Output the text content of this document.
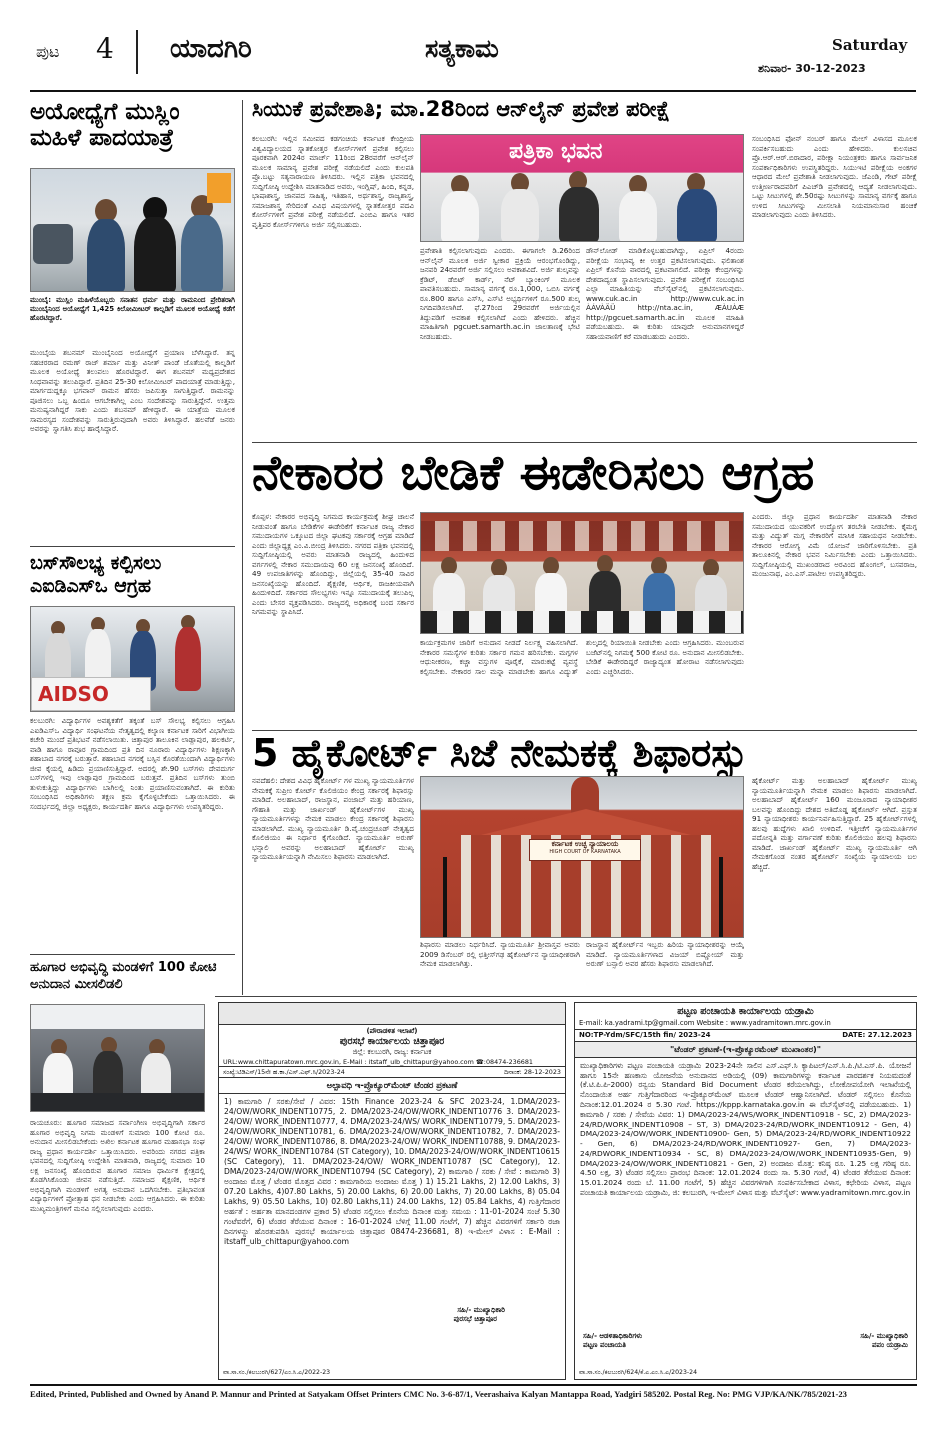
ಪುಟ 4 ಯಾದಗಿರಿ	ಸತ್ಯಕಾಮ	Saturday
ಶನಿವಾರ- 30-12-2023
ಅಯೋಧ್ಯೆಗೆ ಮುಸ್ಲಿಂ ಮಹಿಳೆ ಪಾದಯಾತ್ರೆ
ಮುಂಬೈ: ಮುಸ್ಲಿಂ ಮಹಿಳೆಯೊಬ್ಬರು ಸನಾತನ ಧರ್ಮ ಮತ್ತು ರಾಮನಿಂದ ಪ್ರೇರಿತರಾಗಿ ಮುಂಬೈನಿಂದ ಅಯೋಧ್ಯೆಗೆ 1,425 ಕಿಲೋಮೀಟರ್ ಕಾಲ್ನಡಿಗೆ ಮೂಲಕ ಅಯೋಧ್ಯೆ ಕಡೆಗೆ ಹೊರಟಿದ್ದಾರೆ.
ಮುಂಬೈಯ ಶಬನಮ್ ಮುಂಬೈನಿಂದ ಅಯೋಧ್ಯೆಗೆ ಪ್ರಯಾಣ ಬೆಳೆಸಿದ್ದಾರೆ. ತನ್ನ ಸಹಚರರಾದ ರಮಣ್ ರಾಜ್ ಶರ್ಮಾ ಮತ್ತು ವಿನೀತ್ ಪಾಂಡೆ ಜೊತೆಯಲ್ಲಿ ಕಾಲ್ನಡಿಗೆ ಮೂಲಕ ಅಯೋಧ್ಯೆ ತಲುಪಲು ಹೊರಟಿದ್ದಾರೆ. ಈಗ ಶಬನಮ್ ಮಧ್ಯಪ್ರದೇಶದ ಸಿಂಧವಾವನ್ನು ತಲುಪಿದ್ದಾರೆ. ಪ್ರತಿದಿನ 25-30 ಕಿಲೋಮೀಟರ್ ಪಾದಯಾತ್ರೆ ಮಾಡುತ್ತಿದ್ದು, ಮಾರ್ಗದುದ್ದಕ್ಕೂ ಭಗವಾನ್ ರಾಮನ ಹೆಸರು ಜಪಿಸುತ್ತಾ ಸಾಗುತ್ತಿದ್ದಾರೆ. ರಾಮನನ್ನು ಪೂಜಿಸಲು ಒಬ್ಬ ಹಿಂದೂ ಆಗಬೇಕಾಗಿಲ್ಲ ಎಂಬ ಸಂದೇಶವನ್ನು ಸಾರುತ್ತಿದ್ದೇನೆ. ಉತ್ತಮ ಮನುಷ್ಯನಾಗಿದ್ದರೆ ಸಾಕು ಎಂದು ಶಬನಮ್ ಹೇಳಿದ್ದಾರೆ. ಈ ಯಾತ್ರೆಯ ಮೂಲಕ ಸಾಮರಸ್ಯದ ಸಂದೇಶವನ್ನು ಸಾರುತ್ತಿರುವುದಾಗಿ ಅವರು ತಿಳಿಸಿದ್ದಾರೆ. ಹಲವೆಡೆ ಜನರು ಅವರನ್ನು ಸ್ವಾಗತಿಸಿ ಶುಭ ಹಾರೈಸಿದ್ದಾರೆ.
ಬಸ್‌ಸೌಲಭ್ಯ ಕಲ್ಪಿಸಲು ಎಐಡಿಎಸ್‌ಒ ಆಗ್ರಹ
AIDSO
ಕಲಬುರಗಿ: ವಿದ್ಯಾರ್ಥಿಗಳ ಅವಶ್ಯಕತೆಗೆ ತಕ್ಕಂತೆ ಬಸ್ ಸೌಲಭ್ಯ ಕಲ್ಪಿಸಲು ಆಗ್ರಹಿಸಿ ಎಐಡಿಎಸ್‌ಒ ವಿದ್ಯಾರ್ಥಿ ಸಂಘಟನೆಯ ನೇತೃತ್ವದಲ್ಲಿ ಕಲ್ಯಾಣ ಕರ್ನಾಟಕ ಸಾರಿಗೆ ವಿಭಾಗೀಯ ಕಚೇರಿ ಮುಂದೆ ಪ್ರತಿಭಟನೆ ನಡೆಸಲಾಯಿತು. ಚಿತ್ತಾಪುರ ತಾಲೂಕಿನ ಲಾಡ್ಲಾಪುರ, ಹಲಕರ್ಟಿ, ವಾಡಿ ಹಾಗೂ ರಾವೂರ ಗ್ರಾಮದಿಂದ ಪ್ರತಿ ದಿನ ನೂರಾರು ವಿದ್ಯಾರ್ಥಿಗಳು ಶಿಕ್ಷಣಕ್ಕಾಗಿ ಶಹಾಬಾದ ನಗರಕ್ಕೆ ಬರುತ್ತಾರೆ. ಶಹಾಬಾದ ನಗರಕ್ಕೆ ಬಸ್ಸಿನ ಕೊರತೆಯಿಂದಾಗಿ ವಿದ್ಯಾರ್ಥಿಗಳು ಜೀವ ಕೈಯಲ್ಲಿ ಹಿಡಿದು ಪ್ರಯಾಣಿಸುತ್ತಿದ್ದಾರೆ. ಅದರಲ್ಲಿ ಶೇ.90 ಬಸ್‌ಗಳು ದೇವದುರ್ಗ ಬಸ್‌ಗಳಲ್ಲಿ ಇವು ಲಾಡ್ಲಾಪುರ ಗ್ರಾಮದಿಂದ ಬರುತ್ತವೆ. ಪ್ರತಿದಿನ ಬಸ್‌ಗಳು ತುಂಬಿ ತುಳುಕುತ್ತಿದ್ದು ವಿದ್ಯಾರ್ಥಿಗಳು ಬಾಗಿಲಲ್ಲಿ ನಿಂತು ಪ್ರಯಾಣಿಸುವಂತಾಗಿದೆ. ಈ ಕುರಿತು ಸಂಬಂಧಿಸಿದ ಅಧಿಕಾರಿಗಳು ತಕ್ಷಣ ಕ್ರಮ ಕೈಗೊಳ್ಳಬೇಕೆಂದು ಒತ್ತಾಯಿಸಿದರು. ಈ ಸಂದರ್ಭದಲ್ಲಿ ಜಿಲ್ಲಾ ಅಧ್ಯಕ್ಷರು, ಕಾರ್ಯದರ್ಶಿ ಹಾಗೂ ವಿದ್ಯಾರ್ಥಿಗಳು ಉಪಸ್ಥಿತರಿದ್ದರು.
ಹೂಗಾರ ಅಭಿವೃದ್ಧಿ ಮಂಡಳಿಗೆ 100 ಕೋಟಿ ಅನುದಾನ ಮೀಸಲಿಡಲಿ
ರಾಯಚೂರು: ಹೂಗಾರ ಸಮಾಜದ ಸರ್ವಾಂಗೀಣ ಅಭಿವೃದ್ಧಿಗಾಗಿ ಸರ್ಕಾರ ಹೂಗಾರ ಅಭಿವೃದ್ಧಿ ನಿಗಮ ಮಂಡಳಿಗೆ ಸುಮಾರು 100 ಕೋಟಿ ರೂ. ಅನುದಾನ ಮೀಸಲಿಡಬೇಕೆಂದು ಅಖಿಲ ಕರ್ನಾಟಕ ಹೂಗಾರ ಮಹಾಸಭಾ ಸಂಘ ರಾಜ್ಯ ಪ್ರಧಾನ ಕಾರ್ಯದರ್ಶಿ ಒತ್ತಾಯಿಸಿದರು. ಅವರಿಂದು ನಗರದ ಪತ್ರಿಕಾ ಭವನದಲ್ಲಿ ಸುದ್ದಿಗೋಷ್ಠಿ ಉದ್ದೇಶಿಸಿ ಮಾತನಾಡಿ, ರಾಜ್ಯದಲ್ಲಿ ಸುಮಾರು 10 ಲಕ್ಷ ಜನಸಂಖ್ಯೆ ಹೊಂದಿರುವ ಹೂಗಾರ ಸಮಾಜ ಧಾರ್ಮಿಕ ಕ್ಷೇತ್ರದಲ್ಲಿ ತೊಡಗಿಸಿಕೊಂಡು ಜೀವನ ನಡೆಸುತ್ತಿದೆ. ಸಮಾಜದ ಶೈಕ್ಷಣಿಕ, ಆರ್ಥಿಕ ಅಭಿವೃದ್ಧಿಗಾಗಿ ಮಂಡಳಿಗೆ ಅಗತ್ಯ ಅನುದಾನ ಒದಗಿಸಬೇಕು. ಪ್ರತಿಭಾವಂತ ವಿದ್ಯಾರ್ಥಿಗಳಿಗೆ ಪ್ರೋತ್ಸಾಹ ಧನ ನೀಡಬೇಕು ಎಂದು ಆಗ್ರಹಿಸಿದರು. ಈ ಕುರಿತು ಮುಖ್ಯಮಂತ್ರಿಗಳಿಗೆ ಮನವಿ ಸಲ್ಲಿಸಲಾಗುವುದು ಎಂದರು.
ಸಿಯುಕೆ ಪ್ರವೇಶಾತಿ; ಮಾ.28ರಿಂದ ಆನ್‌ಲೈನ್ ಪ್ರವೇಶ ಪರೀಕ್ಷೆ
ಕಲಬುರಗಿ: ಇಲ್ಲಿನ ಸಮೀಪದ ಕಡಗಂಚಿಯ ಕರ್ನಾಟಕ ಕೇಂದ್ರೀಯ ವಿಶ್ವವಿದ್ಯಾಲಯದ ಸ್ನಾತಕೋತ್ತರ ಕೋರ್ಸ್‌ಗಳಿಗೆ ಪ್ರವೇಶ ಕಲ್ಪಿಸಲು ಪೂರಕವಾಗಿ 2024ರ ಮಾರ್ಚ್ 11ರಿಂದ 28ರವರೆಗೆ ಆನ್‌ಲೈನ್ ಮೂಲಕ ಸಾಮಾನ್ಯ ಪ್ರವೇಶ ಪರೀಕ್ಷೆ ನಡೆಯಲಿದೆ ಎಂದು ಕುಲಪತಿ ಪ್ರೊ.ಬಟ್ಟು ಸತ್ಯನಾರಾಯಣ ತಿಳಿಸಿದರು. ಇಲ್ಲಿನ ಪತ್ರಿಕಾ ಭವನದಲ್ಲಿ ಸುದ್ದಿಗೋಷ್ಠಿ ಉದ್ದೇಶಿಸಿ ಮಾತನಾಡಿದ ಅವರು, ಇಂಗ್ಲಿಷ್, ಹಿಂದಿ, ಕನ್ನಡ, ಭಾಷಾಶಾಸ್ತ್ರ, ಜಾನಪದ ಸಾಹಿತ್ಯ, ಇತಿಹಾಸ, ಅರ್ಥಶಾಸ್ತ್ರ, ರಾಜ್ಯಶಾಸ್ತ್ರ, ಸಮಾಜಶಾಸ್ತ್ರ ಸೇರಿದಂತೆ ವಿವಿಧ ವಿಷಯಗಳಲ್ಲಿ ಸ್ನಾತಕೋತ್ತರ ಪದವಿ ಕೋರ್ಸ್‌ಗಳಿಗೆ ಪ್ರವೇಶ ಪರೀಕ್ಷೆ ನಡೆಯಲಿದೆ. ಎಂಬಿಎ ಹಾಗೂ ಇತರ ವೃತ್ತಿಪರ ಕೋರ್ಸ್‌ಗಳಿಗೂ ಅರ್ಜಿ ಸಲ್ಲಿಸಬಹುದು.
ಪತ್ರಿಕಾ ಭವನ
ಪ್ರವೇಶಾತಿ ಕಲ್ಪಿಸಲಾಗುವುದು ಎಂದರು. ಈಗಾಗಲೇ ಡಿ.26ರಿಂದ ಆನ್‌ಲೈನ್ ಮೂಲಕ ಅರ್ಜಿ ಸ್ವೀಕಾರ ಪ್ರಕ್ರಿಯೆ ಆರಂಭಗೊಂಡಿದ್ದು, ಜನವರಿ 24ರವರೆಗೆ ಅರ್ಜಿ ಸಲ್ಲಿಸಲು ಅವಕಾಶವಿದೆ. ಅರ್ಜಿ ಶುಲ್ಕವನ್ನು ಕ್ರೆಡಿಟ್, ಡೆಬಿಟ್ ಕಾರ್ಡ್, ನೆಟ್ ಬ್ಯಾಂಕಿಂಗ್ ಮೂಲಕ ಪಾವತಿಸಬಹುದು. ಸಾಮಾನ್ಯ ವರ್ಗಕ್ಕೆ ರೂ.1,000, ಒಬಿಸಿ ವರ್ಗಕ್ಕೆ ರೂ.800 ಹಾಗೂ ಎಸ್‌ಸಿ, ಎಸ್‌ಟಿ ಅಭ್ಯರ್ಥಿಗಳಿಗೆ ರೂ.500 ಶುಲ್ಕ ನಿಗದಿಪಡಿಸಲಾಗಿದೆ. ಫೆ.27ರಿಂದ 29ರವರೆಗೆ ಅರ್ಜಿಯಲ್ಲಿನ ತಿದ್ದುಪಡಿಗೆ ಅವಕಾಶ ಕಲ್ಪಿಸಲಾಗಿದೆ ಎಂದು ಹೇಳಿದರು. ಹೆಚ್ಚಿನ ಮಾಹಿತಿಗಾಗಿ pgcuet.samarth.ac.in ಜಾಲತಾಣಕ್ಕೆ ಭೇಟಿ ನೀಡಬಹುದು.
ಡೌನ್‌ಲೋಡ್ ಮಾಡಿಕೊಳ್ಳಬಹುದಾಗಿದ್ದು, ಏಪ್ರಿಲ್ 4ರಂದು ಪರೀಕ್ಷೆಯ ಸಂಭಾವ್ಯ ಕೀ ಉತ್ತರ ಪ್ರಕಟಿಸಲಾಗುವುದು. ಫಲಿತಾಂಶ ಏಪ್ರಿಲ್ ಕೊನೆಯ ವಾರದಲ್ಲಿ ಪ್ರಕಟವಾಗಲಿದೆ. ಪರೀಕ್ಷಾ ಕೇಂದ್ರಗಳನ್ನು ದೇಶದಾದ್ಯಂತ ಸ್ಥಾಪಿಸಲಾಗುವುದು. ಪ್ರವೇಶ ಪರೀಕ್ಷೆಗೆ ಸಂಬಂಧಿಸಿದ ಎಲ್ಲಾ ಮಾಹಿತಿಯನ್ನು ವೆಬ್‌ಸೈಟ್‌ನಲ್ಲಿ ಪ್ರಕಟಿಸಲಾಗುವುದು. www.cuk.ac.in http://www.cuk.ac.in ÀÁVÀÄÜ http://nta.ac.in, ÆÀUÀÆ http://pgcuet.samarth.ac.in ಮೂಲಕ ಮಾಹಿತಿ ಪಡೆಯಬಹುದು. ಈ ಕುರಿತು ಯಾವುದೇ ಅನುಮಾನಗಳಿದ್ದರೆ ಸಹಾಯವಾಣಿಗೆ ಕರೆ ಮಾಡಬಹುದು ಎಂದರು.
ಸಂಬಂಧಿಸಿದ ಫೋನ್ ನಂಬರ್ ಹಾಗೂ ಮೇಲ್ ವಿಳಾಸದ ಮೂಲಕ ಸಂಪರ್ಕಿಸಬಹುದು ಎಂದು ಹೇಳಿದರು. ಕುಲಸಚಿವ ಪ್ರೊ.ಆರ್.ಆರ್.ಬಿರಾದಾರ, ಪರೀಕ್ಷಾ ನಿಯಂತ್ರಕರು ಹಾಗೂ ಸಾರ್ವಜನಿಕ ಸಂಪರ್ಕಾಧಿಕಾರಿಗಳು ಉಪಸ್ಥಿತರಿದ್ದರು. ಸಿಯುಇಟಿ ಪರೀಕ್ಷೆಯ ಅಂಕಗಳ ಆಧಾರದ ಮೇಲೆ ಪ್ರವೇಶಾತಿ ನೀಡಲಾಗುವುದು. ಜೆಎಂಡಿ, ಗೇಟ್ ಪರೀಕ್ಷೆ ಉತ್ತೀರ್ಣರಾದವರಿಗೆ ಪಿಎಚ್‌ಡಿ ಪ್ರವೇಶದಲ್ಲಿ ಆದ್ಯತೆ ನೀಡಲಾಗುವುದು. ಒಟ್ಟು ಸೀಟುಗಳಲ್ಲಿ ಶೇ.50ರಷ್ಟು ಸೀಟುಗಳನ್ನು ಸಾಮಾನ್ಯ ವರ್ಗಕ್ಕೆ ಹಾಗೂ ಉಳಿದ ಸೀಟುಗಳನ್ನು ಮೀಸಲಾತಿ ನಿಯಮಾನುಸಾರ ಹಂಚಿಕೆ ಮಾಡಲಾಗುವುದು ಎಂದು ತಿಳಿಸಿದರು.
ನೇಕಾರರ ಬೇಡಿಕೆ ಈಡೇರಿಸಲು ಆಗ್ರಹ
ಕೊಪ್ಪಳ: ನೇಕಾರರ ಅಭಿವೃದ್ಧಿ ನಿಗಮದ ಕಾರ್ಯಕ್ರಮಕ್ಕೆ ಶೀಘ್ರ ಚಾಲನೆ ನೀಡುವಂತೆ ಹಾಗೂ ಬೇಡಿಕೆಗಳ ಈಡೇರಿಕೆಗೆ ಕರ್ನಾಟಕ ರಾಜ್ಯ ನೇಕಾರ ಸಮುದಾಯಗಳ ಒಕ್ಕೂಟದ ಜಿಲ್ಲಾ ಘಟಕವು ಸರ್ಕಾರಕ್ಕೆ ಆಗ್ರಹ ಮಾಡಿದೆ ಎಂದು ಜಿಲ್ಲಾಧ್ಯಕ್ಷ ಎಂ.ವಿ.ಬೀಂದ್ರ ತಿಳಿಸಿದರು. ನಗರದ ಪತ್ರಿಕಾ ಭವನದಲ್ಲಿ ಸುದ್ದಿಗೋಷ್ಠಿಯಲ್ಲಿ ಅವರು ಮಾತನಾಡಿ ರಾಜ್ಯದಲ್ಲಿ ಹಿಂದುಳಿದ ವರ್ಗಗಳಲ್ಲಿ ನೇಕಾರ ಸಮುದಾಯವು 60 ಲಕ್ಷ ಜನಸಂಖ್ಯೆ ಹೊಂದಿದೆ. 49 ಉಪಜಾತಿಗಳನ್ನು ಹೊಂದಿದ್ದು, ಜಿಲ್ಲೆಯಲ್ಲಿ 35-40 ಸಾವಿರ ಜನಸಂಖ್ಯೆಯನ್ನು ಹೊಂದಿದೆ. ಶೈಕ್ಷಣಿಕ, ಆರ್ಥಿಕ, ರಾಜಕೀಯವಾಗಿ ಹಿಂದುಳಿದಿದೆ. ಸರ್ಕಾರದ ಸೌಲಭ್ಯಗಳು ಇನ್ನೂ ಸಮುದಾಯಕ್ಕೆ ತಲುಪಿಲ್ಲ ಎಂದು ಬೇಸರ ವ್ಯಕ್ತಪಡಿಸಿದರು. ರಾಜ್ಯದಲ್ಲಿ ಅಧಿಕಾರಕ್ಕೆ ಬಂದ ಸರ್ಕಾರ ನಿಗಮವನ್ನು ಸ್ಥಾಪಿಸಿದೆ.
ಕಾರ್ಯಕ್ರಮಗಳ ಜಾರಿಗೆ ಅನುದಾನ ನೀಡದೆ ನಿರ್ಲಕ್ಷ್ಯ ವಹಿಸಲಾಗಿದೆ. ನೇಕಾರರ ಸಮಸ್ಯೆಗಳ ಕುರಿತು ಸರ್ಕಾರ ಗಮನ ಹರಿಸಬೇಕು. ಮಗ್ಗಗಳ ಆಧುನೀಕರಣ, ಕಚ್ಚಾ ವಸ್ತುಗಳ ಪೂರೈಕೆ, ಮಾರುಕಟ್ಟೆ ವ್ಯವಸ್ಥೆ ಕಲ್ಪಿಸಬೇಕು. ನೇಕಾರರ ಸಾಲ ಮನ್ನಾ ಮಾಡಬೇಕು ಹಾಗೂ ವಿದ್ಯುತ್ ಶುಲ್ಕದಲ್ಲಿ ರಿಯಾಯಿತಿ ನೀಡಬೇಕು ಎಂದು ಆಗ್ರಹಿಸಿದರು. ಮುಂಬರುವ ಬಜೆಟ್‌ನಲ್ಲಿ ನಿಗಮಕ್ಕೆ 500 ಕೋಟಿ ರೂ. ಅನುದಾನ ಮೀಸಲಿಡಬೇಕು. ಬೇಡಿಕೆ ಈಡೇರದಿದ್ದರೆ ರಾಜ್ಯಾದ್ಯಂತ ಹೋರಾಟ ನಡೆಸಲಾಗುವುದು ಎಂದು ಎಚ್ಚರಿಸಿದರು.
ಎಂದರು. ಜಿಲ್ಲಾ ಪ್ರಧಾನ ಕಾರ್ಯದರ್ಶಿ ಮಾತನಾಡಿ ನೇಕಾರ ಸಮುದಾಯದ ಯುವಕರಿಗೆ ಉದ್ಯೋಗ ತರಬೇತಿ ನೀಡಬೇಕು. ಕೈಮಗ್ಗ ಮತ್ತು ವಿದ್ಯುತ್ ಮಗ್ಗ ನೇಕಾರರಿಗೆ ಮಾಸಿಕ ಸಹಾಯಧನ ನೀಡಬೇಕು. ನೇಕಾರರ ಆರೋಗ್ಯ ವಿಮೆ ಯೋಜನೆ ಜಾರಿಗೊಳಿಸಬೇಕು. ಪ್ರತಿ ತಾಲೂಕಿನಲ್ಲಿ ನೇಕಾರ ಭವನ ನಿರ್ಮಿಸಬೇಕು ಎಂದು ಒತ್ತಾಯಿಸಿದರು. ಸುದ್ದಿಗೋಷ್ಠಿಯಲ್ಲಿ ಮುಖಂಡರಾದ ಅರವಿಂದ ಹೊಂಗಲ್, ಬಸವರಾಜ, ಮಂಜುನಾಥ, ಎಂ.ಎಸ್.ಪಾಟೀಲ ಉಪಸ್ಥಿತರಿದ್ದರು.
5 ಹೈಕೋರ್ಟ್ ಸಿಜೆ ನೇಮಕಕ್ಕೆ ಶಿಫಾರಸ್ಸು
ನವದೆಹಲಿ: ದೇಶದ ವಿವಿಧ ಹೈಕೋರ್ಟ್ ಗಳ ಮುಖ್ಯ ನ್ಯಾಯಮೂರ್ತಿಗಳ ನೇಮಕಕ್ಕೆ ಸುಪ್ರೀಂ ಕೋರ್ಟ್ ಕೊಲಿಜಿಯಂ ಕೇಂದ್ರ ಸರ್ಕಾರಕ್ಕೆ ಶಿಫಾರಸ್ಸು ಮಾಡಿದೆ. ಅಲಹಾಬಾದ್, ರಾಜಸ್ಥಾನ, ಪಂಜಾಬ್ ಮತ್ತು ಹರಿಯಾಣ, ಗೌಹಾತಿ ಮತ್ತು ಜಾರ್ಖಂಡ್ ಹೈಕೋರ್ಟ್‌ಗಳ ಮುಖ್ಯ ನ್ಯಾಯಮೂರ್ತಿಗಳನ್ನು ನೇಮಕ ಮಾಡಲು ಕೇಂದ್ರ ಸರ್ಕಾರಕ್ಕೆ ಶಿಫಾರಸು ಮಾಡಲಾಗಿದೆ. ಮುಖ್ಯ ನ್ಯಾಯಮೂರ್ತಿ ಡಿ.ವೈ.ಚಂದ್ರಚೂಡ್ ನೇತೃತ್ವದ ಕೊಲಿಜಿಯಂ ಈ ನಿರ್ಧಾರ ಕೈಗೊಂಡಿದೆ. ನ್ಯಾಯಮೂರ್ತಿ ಅರುಣ್ ಭನ್ಸಾಲಿ ಅವರನ್ನು ಅಲಹಾಬಾದ್ ಹೈಕೋರ್ಟ್ ಮುಖ್ಯ ನ್ಯಾಯಮೂರ್ತಿಯನ್ನಾಗಿ ನೇಮಿಸಲು ಶಿಫಾರಸು ಮಾಡಲಾಗಿದೆ.
ಕರ್ನಾಟಕ ಉಚ್ಛ ನ್ಯಾಯಾಲಯ
HIGH COURT OF KARNATAKA
ಶಿಫಾರಸು ಮಾಡಲು ನಿರ್ಧರಿಸಿದೆ. ನ್ಯಾಯಮೂರ್ತಿ ಶ್ರೀವಾಸ್ತವ ಅವರು 2009 ಡಿಸೆಂಬರ್ ರಲ್ಲಿ ಛತ್ತೀಸ್‌ಗಢ ಹೈಕೋರ್ಟ್‌ನ ನ್ಯಾಯಾಧೀಶರಾಗಿ ನೇಮಕ ಮಾಡಲಾಗಿತ್ತು.
ರಾಜಸ್ಥಾನ ಹೈಕೋರ್ಟ್‌ನ ಇಬ್ಬರು ಹಿರಿಯ ನ್ಯಾಯಾಧೀಶರನ್ನು ಆಯ್ಕೆ ಮಾಡಿದೆ. ನ್ಯಾಯಮೂರ್ತಿಗಳಾದ ವಿಜಯ್ ಬಿಷ್ಣೋಯ್ ಮತ್ತು ಅರುಣ್ ಬನ್ಸಾಲಿ ಅವರ ಹೆಸರು ಶಿಫಾರಸು ಮಾಡಲಾಗಿದೆ.
ಹೈಕೋರ್ಟ್ ಮತ್ತು ಅಲಹಾಬಾದ್ ಹೈಕೋರ್ಟ್ ಮುಖ್ಯ ನ್ಯಾಯಮೂರ್ತಿಯನ್ನಾಗಿ ನೇಮಕ ಮಾಡಲು ಶಿಫಾರಸು ಮಾಡಲಾಗಿದೆ. ಅಲಹಾಬಾದ್ ಹೈಕೋರ್ಟ್ 160 ಮಂಜೂರಾದ ನ್ಯಾಯಾಧೀಶರ ಬಲವನ್ನು ಹೊಂದಿದ್ದು ದೇಶದ ಅತಿದೊಡ್ಡ ಹೈಕೋರ್ಟ್ ಆಗಿದೆ. ಪ್ರಸ್ತುತ 91 ನ್ಯಾಯಾಧೀಶರು ಕಾರ್ಯನಿರ್ವಹಿಸುತ್ತಿದ್ದಾರೆ. 25 ಹೈಕೋರ್ಟ್‌ಗಳಲ್ಲಿ ಹಲವು ಹುದ್ದೆಗಳು ಖಾಲಿ ಉಳಿದಿವೆ. ಇತ್ತೀಚೆಗೆ ನ್ಯಾಯಮೂರ್ತಿಗಳ ಪದೋನ್ನತಿ ಮತ್ತು ವರ್ಗಾವಣೆ ಕುರಿತು ಕೊಲಿಜಿಯಂ ಹಲವು ಶಿಫಾರಸು ಮಾಡಿದೆ. ಜಾರ್ಖಂಡ್ ಹೈಕೋರ್ಟ್ ಮುಖ್ಯ ನ್ಯಾಯಮೂರ್ತಿ ಆಗಿ ನೇಮಕಗೊಂಡ ನಂತರ ಹೈಕೋರ್ಟ್ ಸಂಖ್ಯೆಯ ನ್ಯಾಯಾಲಯ ಬಲ ಹೆಚ್ಚಿದೆ.
(ಪೌರಾಡಳಿತ ಇಲಾಖೆ)
ಪುರಸಭೆ ಕಾರ್ಯಾಲಯ ಚಿತ್ತಾಪೂರ
ಜಿಲ್ಲೆ: ಕಲಬುರಗಿ, ರಾಜ್ಯ: ಕರ್ನಾಟಕ
URL:www.chittapuratown.mrc.gov.in, E-Mail : itstaff_ulb_chittapur@yahoo.com ☎:08474-236681
ಸಂಖ್ಯೆ:ಟಿಡಿಎಸ್/15ನೇ ಹ.ಕಾ./ಎಸ್.ಎಫ್.ಸಿ/2023-24	ದಿನಾಂಕ: 28-12-2023
ಅಲ್ಪಾವಧಿ ಇ-ಪ್ರೊಕ್ಯೂರ್‌ಮೆಂಟ್ ಟೆಂಡರ ಪ್ರಕಟಣೆ
1) ಕಾಮಗಾರಿ / ಸರಕು/ಸೇವೆ / ವಿವರ: 15th Finance 2023-24 & SFC 2023-24, 1.DMA/2023-24/OW/WORK_INDENT10775, 2. DMA/2023-24/OW/WORK_INDENT10776 3. DMA/2023-24/OW/ WORK_INDENT10777, 4. DMA/2023-24/WS/ WORK_INDENT10779, 5. DMA/2023-24/OW/WORK_INDENT10781, 6. DMA/2023-24/OW/WORK_INDENT10782, 7. DMA/2023-24/OW/ WORK_INDENT10786, 8. DMA/2023-24/OW/ WORK_INDENT10788, 9. DMA/2023-24/WS/ WORK_INDENT10784 (ST Category), 10. DMA/2023-24/OW/WORK_INDENT10615 (SC Category), 11. DMA/2023-24/OW/ WORK_INDENT10787 (SC Category), 12. DMA/2023-24/OW/WORK_INDENT10794 (SC Category), 2) ಕಾಮಗಾರಿ / ಸರಕು / ಸೇವೆ : ಕಾಮಗಾರಿ 3) ಅಂದಾಜು ಮೊತ್ತ / ಟೆಂಡರ ಮೊತ್ತದ ವಿವರ : ಕಾಮಗಾರಿಯ ಅಂದಾಜು ಮೊತ್ತ ) 1) 15.21 Lakhs, 2) 12.00 Lakhs, 3) 07.20 Lakhs, 4)07.80 Lakhs, 5) 20.00 Lakhs, 6) 20.00 Lakhs, 7) 20.00 Lakhs, 8) 05.04 Lakhs, 9) 05.50 Lakhs, 10) 02.80 Lakhs,11) 24.00 Lakhs, 12) 05.84 Lakhs, 4) ಗುತ್ತಿಗೆದಾರರ ಅರ್ಹತೆ : ಅರ್ಹತಾ ಮಾನದಂಡಗಳ ಪ್ರಕಾರ 5) ಟೆಂಡರ ಸಲ್ಲಿಸಲು ಕೊನೆಯ ದಿನಾಂಕ ಮತ್ತು ಸಮಯ : 11-01-2024 ಸಂಜೆ 5.30 ಗಂಟೆವರೆಗೆ, 6) ಟೆಂಡರ ತೆರೆಯುವ ದಿನಾಂಕ : 16-01-2024 ಬೆಳಿಗ್ಗೆ 11.00 ಗಂಟೆಗೆ, 7) ಹೆಚ್ಚಿನ ವಿವರಗಳಿಗೆ ಸರ್ಕಾರಿ ರಜಾ ದಿನಗಳನ್ನು ಹೊರತುಪಡಿಸಿ ಪುರಸಭೆ ಕಾರ್ಯಾಲಯ ಚಿತ್ತಾಪೂರ 08474-236681, 8) ಇ-ಮೇಲ್ ವಿಳಾಸ : E-Mail : itstaff_ulb_chittapur@yahoo.com
ಸಹಿ/- ಮುಖ್ಯಾಧಿಕಾರಿ
ಪುರಸಭೆ ಚಿತ್ತಾಪೂರ
ವಾ.ಸಾ.ಸಂ./ಕಲಬುರಗಿ/627/ಎಂ.ಸಿ.ಎ/2022-23
ಪಟ್ಟಣ ಪಂಚಾಯತಿ ಕಾರ್ಯಾಲಯ ಯಡ್ರಾಮಿ
E-mail: ka.yadrami.tp@gmail.com Website : www.yadramitown.mrc.gov.in
NO:TP-Ydm/SFC/15th fin/ 2023-24	DATE: 27.12.2023
"ಟೆಂಡರ್ ಪ್ರಕಟಣೆ-(ಇ-ಪ್ರೊಕ್ಯೂರಮೆಂಟ್ ಮುಖಾಂತರ)"
ಮುಖ್ಯಾಧಿಕಾರಿಗಳು ಪಟ್ಟಣ ಪಂಚಾಯತಿ ಯಡ್ರಾಮಿ 2023-24ನೇ ಸಾಲಿನ ಎಸ್.ಎಫ್.ಸಿ ಕ್ಯಾಪಿಟಲ್/ಎಸ್.ಸಿ.ಪಿ./ಟಿ.ಎಸ್.ಪಿ. ಯೋಜನೆ ಹಾಗೂ 15ನೇ ಹಣಕಾಸು ಯೋಜನೆಯ ಅನುದಾನದ ಅಡಿಯಲ್ಲಿ (09) ಕಾಮಗಾರಿಗಳನ್ನು ಕರ್ನಾಟಕ ಪಾರದರ್ಶಕ ನಿಯಮದಂತೆ (ಕೆ.ಟಿ.ಪಿ.ಪಿ-2000) ರನ್ವಯ Standard Bid Document ಟೆಂಡರ ಕರೆಯಲಾಗಿದ್ದು, ಲೋಕೋಪಯೋಗಿ ಇಲಾಖೆಯಲ್ಲಿ ನೊಂದಾಯಿತ ಅರ್ಹ ಗುತ್ತಿಗೆದಾರರಿಂದ ಇ-ಪ್ರೊಕ್ಯೂರ್‌ಮೆಂಟ್ ಮೂಲಕ ಟೆಂಡರ್ ಆಹ್ವಾನಿಸಲಾಗಿದೆ. ಟೆಂಡರ್ ಸಲ್ಲಿಸಲು ಕೊನೆಯ ದಿನಾಂಕ:12.01.2024 ರ 5.30 ಗಂಟೆ. https://kppp.karnataka.gov.in ಈ ವೆಬ್‌ಸೈಟ್‌ನಲ್ಲಿ ಪಡೆಯಬಹುದು. 1) ಕಾಮಗಾರಿ / ಸರಕು / ಸೇವೆಯ ವಿವರ: 1) DMA/2023-24/WS/WORK_INDENT10918 - SC, 2) DMA/2023-24/RD/WORK_INDENT10908 – ST, 3) DMA/2023-24/RD/WORK_INDENT10912 - Gen, 4) DMA/2023-24/OW/WORK_INDENT10900- Gen, 5) DMA/2023-24/RD/WORK_INDENT10922 - Gen, 6) DMA/2023-24/RD/WORK_INDENT10927- Gen, 7) DMA/2023-24/RDWORK_INDENT10934 - SC, 8) DMA/2023-24/OW/WORK_INDENT10935-Gen, 9) DMA/2023-24/OW/WORK_INDENT10821 - Gen, 2) ಅಂದಾಜು ಮೊತ್ತ: ಕನಿಷ್ಠ ರೂ. 1.25 ಲಕ್ಷ ಗರಿಷ್ಠ ರೂ. 4.50 ಲಕ್ಷ, 3) ಟೆಂಡರ ಸಲ್ಲಿಸಲು ಪ್ರಾರಂಭ ದಿನಾಂಕ: 12.01.2024 ರಂದು ಸಾ. 5.30 ಗಂಟೆ, 4) ಟೆಂಡರ ತೆರೆಯುವ ದಿನಾಂಕ: 15.01.2024 ರಂದು ಬೆ. 11.00 ಗಂಟೆಗೆ, 5) ಹೆಚ್ಚಿನ ವಿವರಗಳಿಗಾಗಿ ಸಂಪರ್ಕಿಸಬೇಕಾದ ವಿಳಾಸ, ಕಛೇರಿಯ ವಿಳಾಸ, ಪಟ್ಟಣ ಪಂಚಾಯತಿ ಕಾರ್ಯಾಲಯ ಯಡ್ರಾಮಿ, ಜಿ: ಕಲಬುರಗಿ, ಇ-ಮೇಲ್ ವಿಳಾಸ ಮತ್ತು ವೆಬ್‌ಸೈಟ್: www.yadramitown.mrc.gov.in
ಸಹಿ/- ಆಡಳಿತಾಧಿಕಾರಿಗಳು
ಪಟ್ಟಣ ಪಂಚಾಯತಿ
ಸಹಿ/- ಮುಖ್ಯಾಧಿಕಾರಿ
ಪಪಂ ಯಡ್ರಾಮಿ
ವಾ.ಸಾ.ಸಂ./ಕಲಬುರಗಿ/624/ಕೆ.ಎ.ಎಂ.ಸಿ.ಎ/2023-24
Edited, Printed, Published and Owned by Anand P. Mannur and Printed at Satyakam Offset Printers CMC No. 3-6-87/1, Veerashaiva Kalyan Mantappa Road, Yadgiri 585202. Postal Reg. No: PMG VJP/KA/NK/785/2021-23
